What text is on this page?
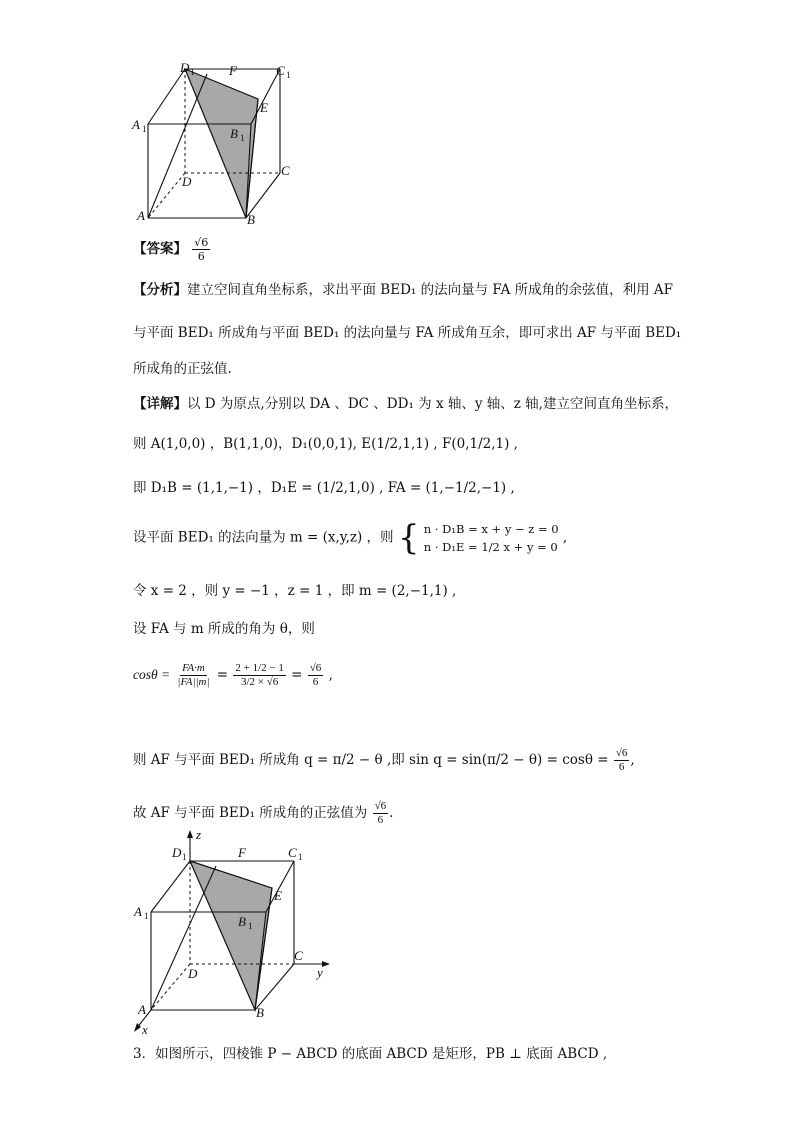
D 1	F	C 1
E
A 1	B 1
C
D
A	B
【答案】 $\frac{√6}{6}$
【分析】建立空间直角坐标系，求出平面 BED₁ 的法向量与 FA 所成角的余弦值，利用 AF
与平面 BED₁ 所成角与平面 BED₁ 的法向量与 FA 所成角互余，即可求出 AF 与平面 BED₁
所成角的正弦值.
【详解】以 D 为原点,分别以 DA 、DC 、DD₁ 为 x 轴、y 轴、z 轴,建立空间直角坐标系，
则 A(1,0,0) ，B(1,1,0)，D₁(0,0,1), E(1/2,1,1) , F(0,1/2,1) ,
即 D₁B = (1,1,−1) ，D₁E = (1/2,1,0) , FA = (1,−1/2,−1) ,
设平面 BED₁ 的法向量为 m = (x,y,z) ，则 { n · D₁B = x + y − z = 0
n · D₁E = 1/2 x + y = 0
,
令 x = 2 ，则 y = −1 ，z = 1 ，即 m = (2,−1,1) ,
设 FA 与 m 所成的角为 θ，则
$\cos\theta = \frac{FA\cdot m}{|FA||m|} = \frac{2 + 1/2 - 1}{3/2 \times √6} = \frac{√6}{6}$ ,
则 AF 与平面 BED₁ 所成角 q = π/2 − θ ,即 $\sin q = \sin(\pi/2 - \theta) = \cos\theta = \frac{√6}{6}$ ,
故 AF 与平面 BED₁ 所成角的正弦值为 $\frac{√6}{6}$ .
z
y
x
D 1	F	C 1
E
A 1	B 1
C
D
A	B
3．如图所示，四棱锥 P − ABCD 的底面 ABCD 是矩形，PB ⊥ 底面 ABCD ,
